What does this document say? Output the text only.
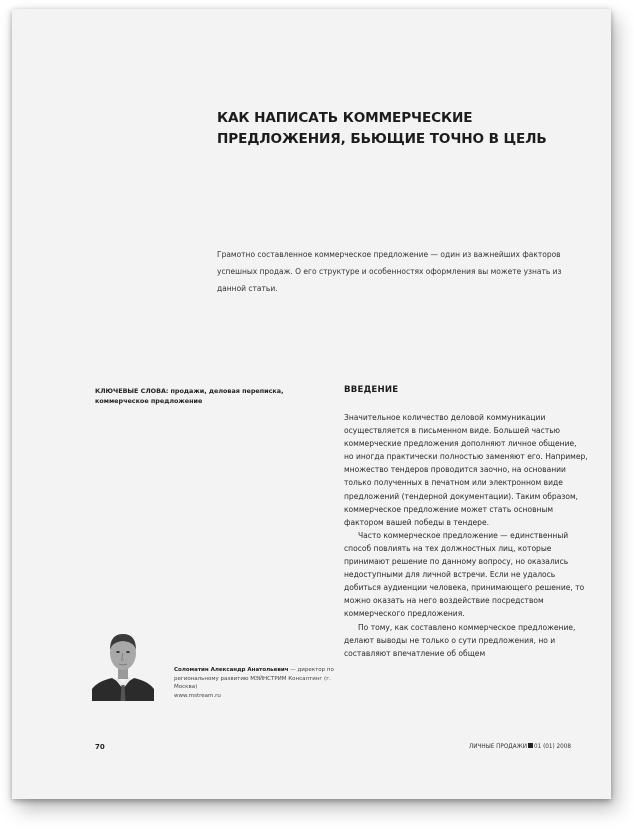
КАК НАПИСАТЬ КОММЕРЧЕСКИЕ
ПРЕДЛОЖЕНИЯ, БЬЮЩИЕ ТОЧНО В ЦЕЛЬ

Грамотно составленное коммерческое предложение — один из важнейших факторов успешных продаж. О его структуре и особенностях оформления вы можете узнать из данной статьи.

КЛЮЧЕВЫЕ СЛОВА: продажи, деловая переписка, коммерческое предложение

ВВЕДЕНИЕ

Значительное количество деловой коммуникации осуществляется в письменном виде. Большей частью коммерческие предложения дополняют личное общение, но иногда практически полностью заменяют его. Например, множество тендеров проводится заочно, на основании только полученных в печатном или электронном виде предложений (тендерной документации). Таким образом, коммерческое предложение может стать основным фактором вашей победы в тендере.

Часто коммерческое предложение — единственный способ повлиять на тех должностных лиц, которые принимают решение по данному вопросу, но оказались недоступными для личной встречи. Если не удалось добиться аудиенции человека, принимающего решение, то можно оказать на него воздействие посредством коммерческого предложения.

По тому, как составлено коммерческое предложение, делают выводы не только о сути предложения, но и составляют впечатление об общем

Соломатин Александр Анатольевич — директор по региональному развитию МЭЙНСТРИМ Консалтинг (г. Москва)
www.mstream.ru

70	ЛИЧНЫЕ ПРОДАЖИ 01 (01) 2008
